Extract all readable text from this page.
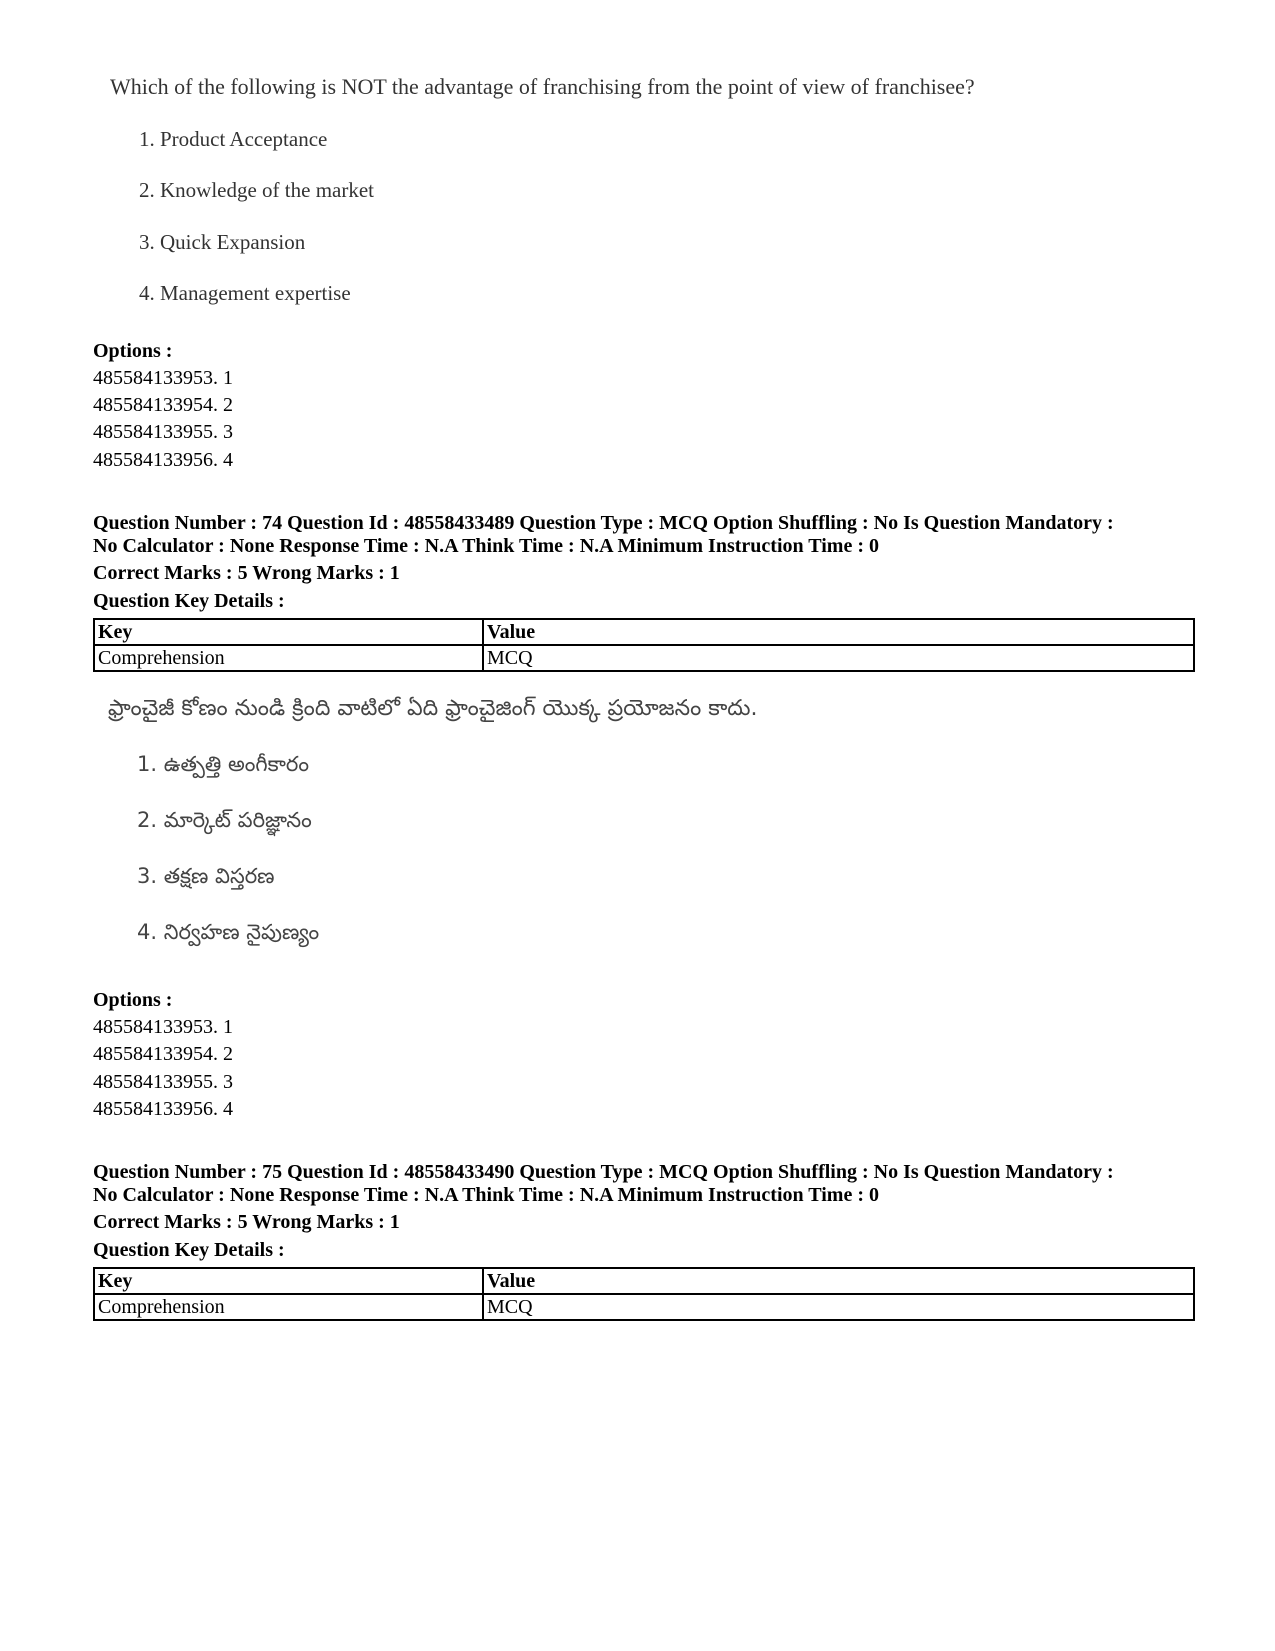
Which of the following is NOT the advantage of franchising from the point of view of franchisee?

1. Product Acceptance
2. Knowledge of the market
3. Quick Expansion
4. Management expertise
Options :
485584133953. 1
485584133954. 2
485584133955. 3
485584133956. 4
Question Number : 74 Question Id : 48558433489 Question Type : MCQ Option Shuffling : No Is Question Mandatory :
No Calculator : None Response Time : N.A Think Time : N.A Minimum Instruction Time : 0
Correct Marks : 5 Wrong Marks : 1
Question Key Details :
Key	Value
Comprehension	MCQ
ఫ్రాంచైజీ కోణం నుండి క్రింది వాటిలో ఏది ఫ్రాంచైజింగ్ యొక్క ప్రయోజనం కాదు.
1. ఉత్పత్తి అంగీకారం
2. మార్కెట్ పరిజ్ఞానం
3. తక్షణ విస్తరణ
4. నిర్వహణ నైపుణ్యం
Options :
485584133953. 1
485584133954. 2
485584133955. 3
485584133956. 4
Question Number : 75 Question Id : 48558433490 Question Type : MCQ Option Shuffling : No Is Question Mandatory :
No Calculator : None Response Time : N.A Think Time : N.A Minimum Instruction Time : 0
Correct Marks : 5 Wrong Marks : 1
Question Key Details :
Key	Value
Comprehension	MCQ
